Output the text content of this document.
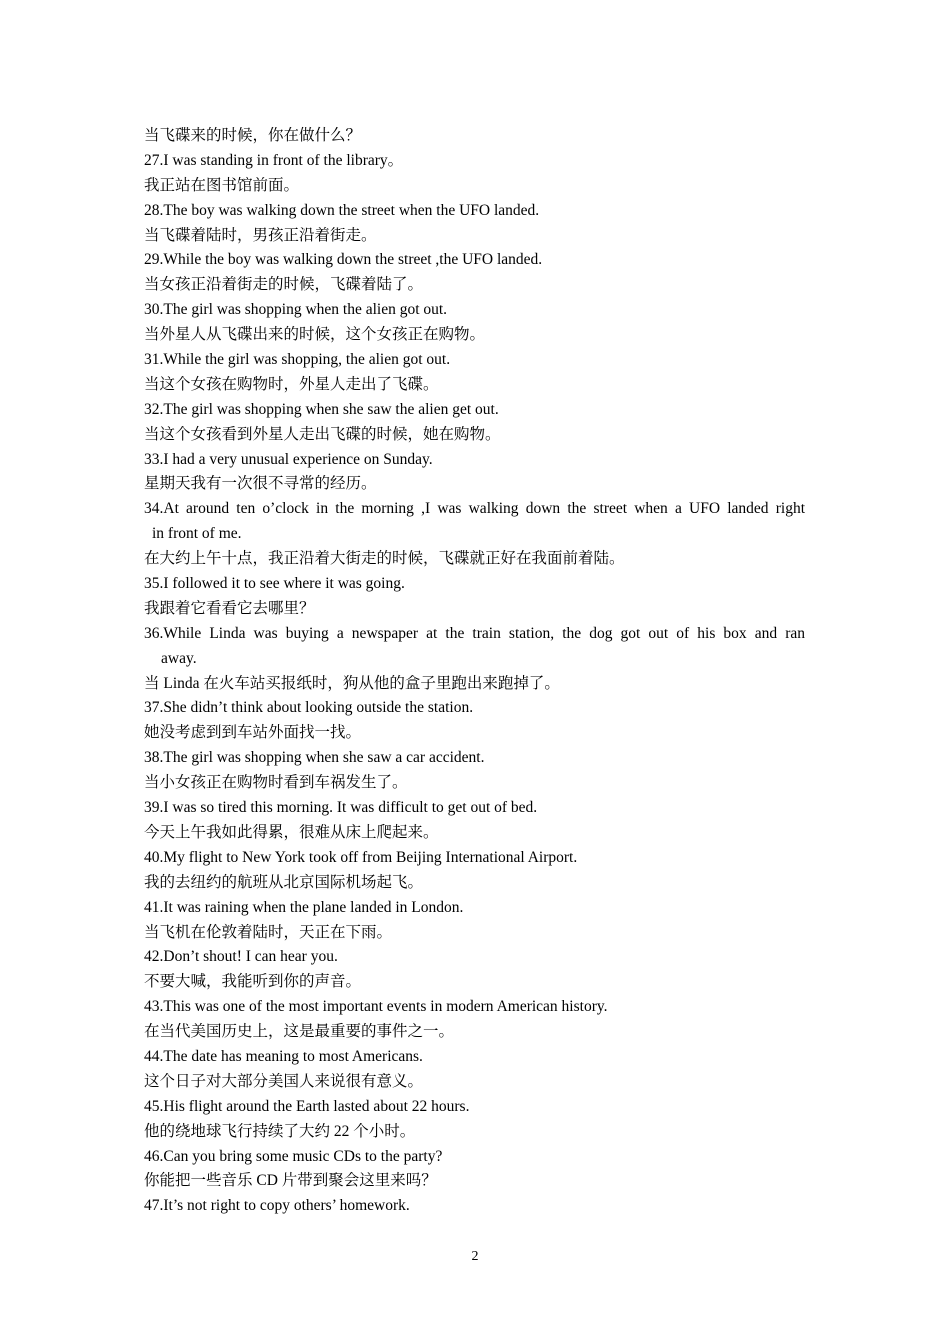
当飞碟来的时候，你在做什么？
27.I was standing in front of the library。
我正站在图书馆前面。
28.The boy was walking down the street when the UFO landed.
当飞碟着陆时，男孩正沿着街走。
29.While the boy was walking down the street ,the UFO landed.
当女孩正沿着街走的时候，飞碟着陆了。
30.The girl was shopping when the alien got out.
当外星人从飞碟出来的时候，这个女孩正在购物。
31.While the girl was shopping, the alien got out.
当这个女孩在购物时，外星人走出了飞碟。
32.The girl was shopping when she saw the alien get out.
当这个女孩看到外星人走出飞碟的时候，她在购物。
33.I had a very unusual experience on Sunday.
星期天我有一次很不寻常的经历。
34.At around ten o’clock in the morning ,I was walking down the street when a UFO landed right
in front of me.
在大约上午十点，我正沿着大街走的时候，飞碟就正好在我面前着陆。
35.I followed it to see where it was going.
我跟着它看看它去哪里？
36.While Linda was buying a newspaper at the train station, the dog got out of his box and ran
away.
当 Linda 在火车站买报纸时，狗从他的盒子里跑出来跑掉了。
37.She didn’t think about looking outside the station.
她没考虑到到车站外面找一找。
38.The girl was shopping when she saw a car accident.
当小女孩正在购物时看到车祸发生了。
39.I was so tired this morning. It was difficult to get out of bed.
今天上午我如此得累，很难从床上爬起来。
40.My flight to New York took off from Beijing International Airport.
我的去纽约的航班从北京国际机场起飞。
41.It was raining when the plane landed in London.
当飞机在伦敦着陆时，天正在下雨。
42.Don’t shout! I can hear you.
不要大喊，我能听到你的声音。
43.This was one of the most important events in modern American history.
在当代美国历史上，这是最重要的事件之一。
44.The date has meaning to most Americans.
这个日子对大部分美国人来说很有意义。
45.His flight around the Earth lasted about 22 hours.
他的绕地球飞行持续了大约 22 个小时。
46.Can you bring some music CDs to the party?
你能把一些音乐 CD 片带到聚会这里来吗？
47.It’s not right to copy others’ homework.
2
